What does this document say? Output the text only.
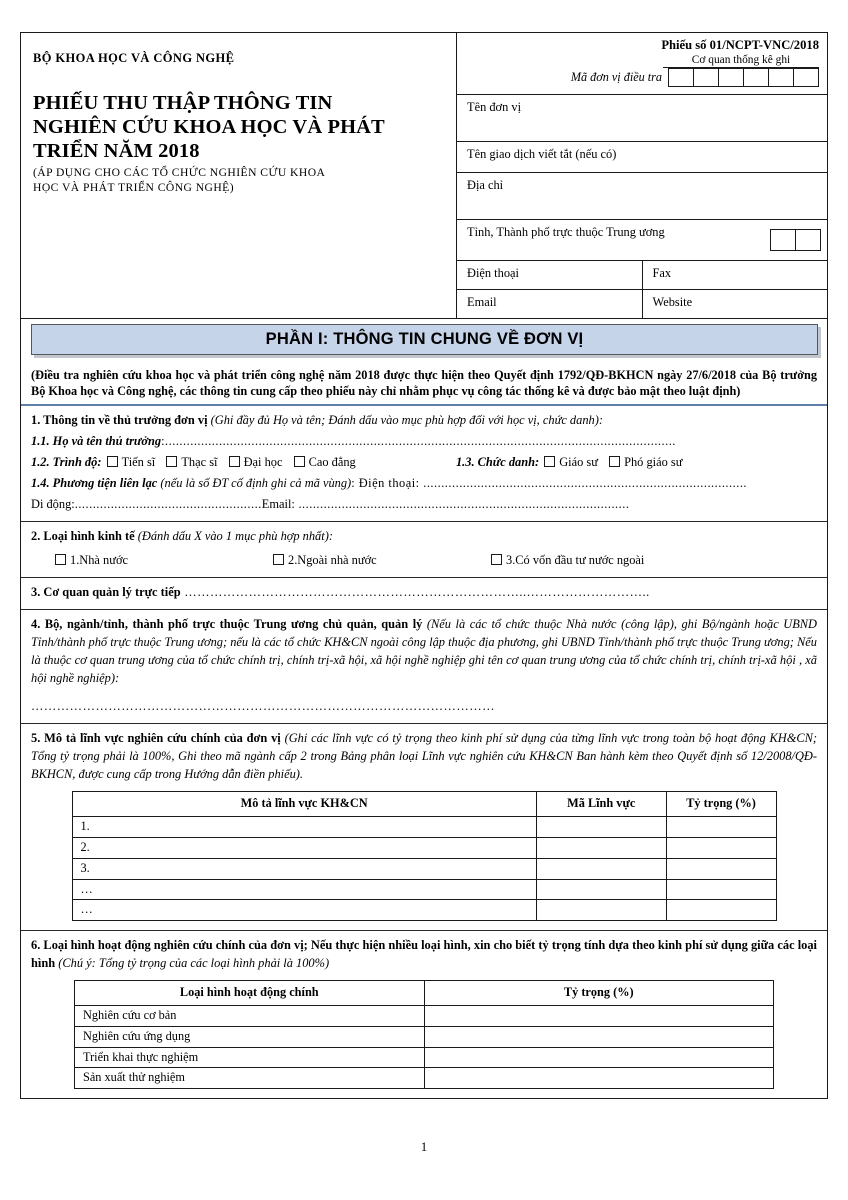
BỘ KHOA HỌC VÀ CÔNG NGHỆ
PHIẾU THU THẬP THÔNG TIN
NGHIÊN CỨU KHOA HỌC VÀ PHÁT
TRIỂN NĂM 2018
(ÁP DỤNG CHO CÁC TỔ CHỨC NGHIÊN CỨU KHOA
HỌC VÀ PHÁT TRIỂN CÔNG NGHỆ)
Phiếu số 01/NCPT-VNC/2018
Cơ quan thống kê ghi
Mã đơn vị điều tra
Tên đơn vị
Tên giao dịch viết tắt (nếu có)
Địa chỉ
Tỉnh, Thành phố trực thuộc Trung ương
Điện thoại	Fax
Email	Website
PHẦN I: THÔNG TIN CHUNG VỀ ĐƠN VỊ
(Điều tra nghiên cứu khoa học và phát triển công nghệ năm 2018 được thực hiện theo Quyết định 1792/QĐ-BKHCN ngày 27/6/2018 của Bộ trưởng Bộ Khoa học và Công nghệ, các thông tin cung cấp theo phiếu này chỉ nhằm phục vụ công tác thống kê và được bảo mật theo luật định)
1. Thông tin về thủ trưởng đơn vị (Ghi đầy đủ Họ và tên; Đánh dấu vào mục phù hợp đối với học vị, chức danh):
1.1. Họ và tên thủ trưởng:..............................................................................................................................................
1.2. Trình độ: Tiến sĩ Thạc sĩ Đại học Cao đẳng	1.3. Chức danh: Giáo sư Phó giáo sư
1.4. Phương tiện liên lạc (nếu là số ĐT cố định ghi cả mã vùng): Điện thoại: ..........................................................................................
Di động:....................................................Email: ............................................................................................
2. Loại hình kinh tế (Đánh dấu X vào 1 mục phù hợp nhất):
1.Nhà nước	2.Ngoài nhà nước	3.Có vốn đầu tư nước ngoài
3. Cơ quan quản lý trực tiếp ……………………………………………………………………..………………………..
4. Bộ, ngành/tỉnh, thành phố trực thuộc Trung ương chủ quản, quản lý (Nếu là các tổ chức thuộc Nhà nước (công lập), ghi Bộ/ngành hoặc UBND Tỉnh/thành phố trực thuộc Trung ương; nếu là các tổ chức KH&CN ngoài công lập thuộc địa phương, ghi UBND Tỉnh/thành phố trực thuộc Trung ương; Nếu là thuộc cơ quan trung ương của tổ chức chính trị, chính trị-xã hội, xã hội nghề nghiệp ghi tên cơ quan trung ương của tổ chức chính trị, chính trị-xã hội , xã hội nghề nghiệp):
………………………………………………………………………………………………
5. Mô tả lĩnh vực nghiên cứu chính của đơn vị (Ghi các lĩnh vực có tỷ trọng theo kinh phí sử dụng của từng lĩnh vực trong toàn bộ hoạt động KH&CN; Tổng tỷ trọng phải là 100%, Ghi theo mã ngành cấp 2 trong Bảng phân loại Lĩnh vực nghiên cứu KH&CN Ban hành kèm theo Quyết định số 12/2008/QĐ-BKHCN, được cung cấp trong Hướng dẫn điền phiếu).
Mô tả lĩnh vực KH&CN	Mã Lĩnh vực	Tỷ trọng (%)
1.		
2.		
3.		
…		
…		
6. Loại hình hoạt động nghiên cứu chính của đơn vị; Nếu thực hiện nhiều loại hình, xin cho biết tỷ trọng tính dựa theo kinh phí sử dụng giữa các loại hình (Chú ý: Tổng tỷ trọng của các loại hình phải là 100%)
Loại hình hoạt động chính	Tỷ trọng (%)
Nghiên cứu cơ bản	
Nghiên cứu ứng dụng	
Triển khai thực nghiệm	
Sản xuất thử nghiệm	
1
